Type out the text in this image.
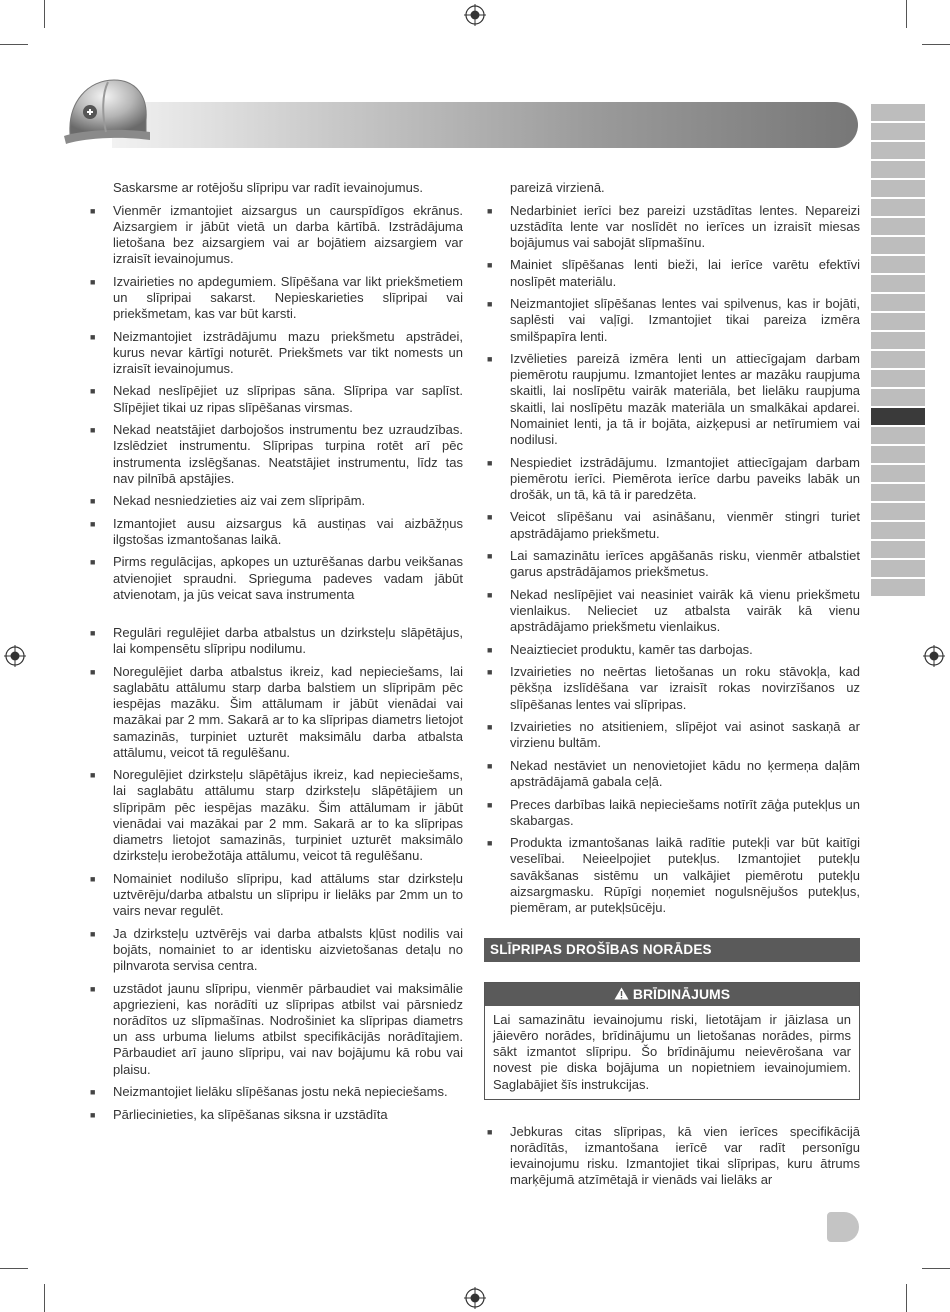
Saskarsme ar rotējošu slīpripu var radīt ievainojumus.
■ Vienmēr izmantojiet aizsargus un caurspīdīgos ekrānus. Aizsargiem ir jābūt vietā un darba kārtībā. Izstrādājuma lietošana bez aizsargiem vai ar bojātiem aizsargiem var izraisīt ievainojumus.
■ Izvairieties no apdegumiem. Slīpēšana var likt priekšmetiem un slīpripai sakarst. Nepieskarieties slīpripai vai priekšmetam, kas var būt karsti.
■ Neizmantojiet izstrādājumu mazu priekšmetu apstrādei, kurus nevar kārtīgi noturēt. Priekšmets var tikt nomests un izraisīt ievainojumus.
■ Nekad neslīpējiet uz slīpripas sāna. Slīpripa var saplīst. Slīpējiet tikai uz ripas slīpēšanas virsmas.
■ Nekad neatstājiet darbojošos instrumentu bez uzraudzības. Izslēdziet instrumentu. Slīpripas turpina rotēt arī pēc instrumenta izslēgšanas. Neatstājiet instrumentu, līdz tas nav pilnībā apstājies.
■ Nekad nesniedzieties aiz vai zem slīpripām.
■ Izmantojiet ausu aizsargus kā austiņas vai aizbāžņus ilgstošas izmantošanas laikā.
■ Pirms regulācijas, apkopes un uzturēšanas darbu veikšanas atvienojiet spraudni. Sprieguma padeves vadam jābūt atvienotam, ja jūs veicat sava instrumenta
■ Regulāri regulējiet darba atbalstus un dzirksteļu slāpētājus, lai kompensētu slīpripu nodilumu.
■ Noregulējiet darba atbalstus ikreiz, kad nepieciešams, lai saglabātu attālumu starp darba balstiem un slīpripām pēc iespējas mazāku. Šim attālumam ir jābūt vienādai vai mazākai par 2 mm. Sakarā ar to ka slīpripas diametrs lietojot samazinās, turpiniet uzturēt maksimālu darba atbalsta attālumu, veicot tā regulēšanu.
■ Noregulējiet dzirksteļu slāpētājus ikreiz, kad nepieciešams, lai saglabātu attālumu starp dzirksteļu slāpētājiem un slīpripām pēc iespējas mazāku. Šim attālumam ir jābūt vienādai vai mazākai par 2 mm. Sakarā ar to ka slīpripas diametrs lietojot samazinās, turpiniet uzturēt maksimālo dzirksteļu ierobežotāja attālumu, veicot tā regulēšanu.
■ Nomainiet nodilušo slīpripu, kad attālums star dzirksteļu uztvērēju/darba atbalstu un slīpripu ir lielāks par 2mm un to vairs nevar regulēt.
■ Ja dzirksteļu uztvērējs vai darba atbalsts kļūst nodilis vai bojāts, nomainiet to ar identisku aizvietošanas detaļu no pilnvarota servisa centra.
■ uzstādot jaunu slīpripu, vienmēr pārbaudiet vai maksimālie apgriezieni, kas norādīti uz slīpripas atbilst vai pārsniedz norādītos uz slīpmašīnas. Nodrošiniet ka slīpripas diametrs un ass urbuma lielums atbilst specifikācijās norādītajiem. Pārbaudiet arī jauno slīpripu, vai nav bojājumu kā robu vai plaisu.
■ Neizmantojiet lielāku slīpēšanas jostu nekā nepieciešams.
■ Pārliecinieties, ka slīpēšanas siksna ir uzstādīta
pareizā virzienā.
■ Nedarbiniet ierīci bez pareizi uzstādītas lentes. Nepareizi uzstādīta lente var noslīdēt no ierīces un izraisīt miesas bojājumus vai sabojāt slīpmašīnu.
■ Mainiet slīpēšanas lenti bieži, lai ierīce varētu efektīvi noslīpēt materiālu.
■ Neizmantojiet slīpēšanas lentes vai spilvenus, kas ir bojāti, saplēsti vai vaļīgi. Izmantojiet tikai pareiza izmēra smilšpapīra lenti.
■ Izvēlieties pareizā izmēra lenti un attiecīgajam darbam piemērotu raupjumu. Izmantojiet lentes ar mazāku raupjuma skaitli, lai noslīpētu vairāk materiāla, bet lielāku raupjuma skaitli, lai noslīpētu mazāk materiāla un smalkākai apdarei. Nomainiet lenti, ja tā ir bojāta, aizķepusi ar netīrumiem vai nodilusi.
■ Nespiediet izstrādājumu. Izmantojiet attiecīgajam darbam piemērotu ierīci. Piemērota ierīce darbu paveiks labāk un drošāk, un tā, kā tā ir paredzēta.
■ Veicot slīpēšanu vai asināšanu, vienmēr stingri turiet apstrādājamo priekšmetu.
■ Lai samazinātu ierīces apgāšanās risku, vienmēr atbalstiet garus apstrādājamos priekšmetus.
■ Nekad neslīpējiet vai neasiniet vairāk kā vienu priekšmetu vienlaikus. Nelieciet uz atbalsta vairāk kā vienu apstrādājamo priekšmetu vienlaikus.
■ Neaiztieciet produktu, kamēr tas darbojas.
■ Izvairieties no neērtas lietošanas un roku stāvokļa, kad pēkšņa izslīdēšana var izraisīt rokas novirzīšanos uz slīpēšanas lentes vai slīpripas.
■ Izvairieties no atsitieniem, slīpējot vai asinot saskaņā ar virzienu bultām.
■ Nekad nestāviet un nenovietojiet kādu no ķermeņa daļām apstrādājamā gabala ceļā.
■ Preces darbības laikā nepieciešams notīrīt zāģa putekļus un skabargas.
■ Produkta izmantošanas laikā radītie putekļi var būt kaitīgi veselībai. Neieelpojiet putekļus. Izmantojiet putekļu savākšanas sistēmu un valkājiet piemērotu putekļu aizsargmasku. Rūpīgi noņemiet nogulsnējušos putekļus, piemēram, ar putekļsūcēju.
SLĪPRIPAS DROŠĪBAS NORĀDES
BRĪDINĀJUMS
Lai samazinātu ievainojumu riski, lietotājam ir jāizlasa un jāievēro norādes, brīdinājumu un lietošanas norādes, pirms sākt izmantot slīpripu. Šo brīdinājumu neievērošana var novest pie diska bojājuma un nopietniem ievainojumiem. Saglabājiet šīs instrukcijas.
■ Jebkuras citas slīpripas, kā vien ierīces specifikācijā norādītās, izmantošana ierīcē var radīt personīgu ievainojumu risku. Izmantojiet tikai slīpripas, kuru ātrums marķējumā atzīmētajā ir vienāds vai lielāks ar
